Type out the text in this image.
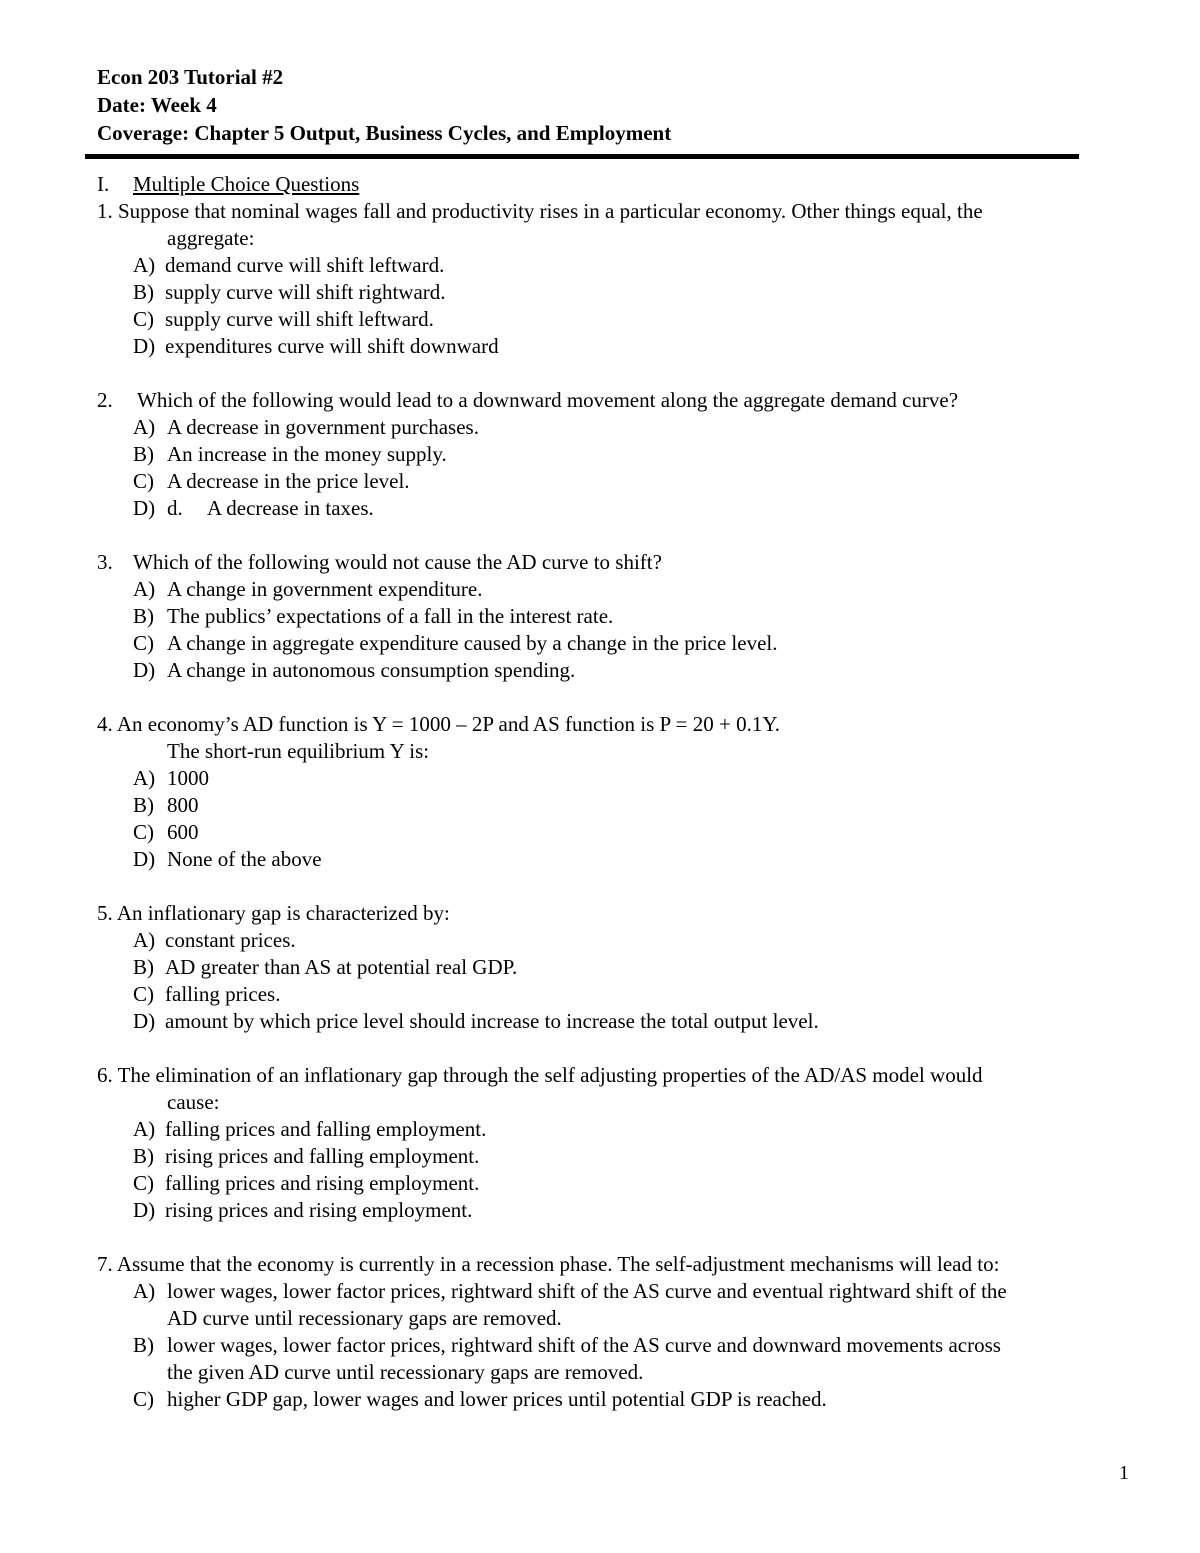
Econ 203 Tutorial #2
Date: Week 4
Coverage: Chapter 5 Output, Business Cycles, and Employment
I. Multiple Choice Questions
1. Suppose that nominal wages fall and productivity rises in a particular economy. Other things equal, the
aggregate:
A) demand curve will shift leftward.
B) supply curve will shift rightward.
C) supply curve will shift leftward.
D) expenditures curve will shift downward
2. Which of the following would lead to a downward movement along the aggregate demand curve?
A) A decrease in government purchases.
B) An increase in the money supply.
C) A decrease in the price level.
D) d. A decrease in taxes.
3. Which of the following would not cause the AD curve to shift?
A) A change in government expenditure.
B) The publics’ expectations of a fall in the interest rate.
C) A change in aggregate expenditure caused by a change in the price level.
D) A change in autonomous consumption spending.
4. An economy’s AD function is Y = 1000 – 2P and AS function is P = 20 + 0.1Y.
The short-run equilibrium Y is:
A) 1000
B) 800
C) 600
D) None of the above
5. An inflationary gap is characterized by:
A) constant prices.
B) AD greater than AS at potential real GDP.
C) falling prices.
D) amount by which price level should increase to increase the total output level.
6. The elimination of an inflationary gap through the self adjusting properties of the AD/AS model would
cause:
A) falling prices and falling employment.
B) rising prices and falling employment.
C) falling prices and rising employment.
D) rising prices and rising employment.
7. Assume that the economy is currently in a recession phase. The self-adjustment mechanisms will lead to:
A) lower wages, lower factor prices, rightward shift of the AS curve and eventual rightward shift of the
AD curve until recessionary gaps are removed.
B) lower wages, lower factor prices, rightward shift of the AS curve and downward movements across
the given AD curve until recessionary gaps are removed.
C) higher GDP gap, lower wages and lower prices until potential GDP is reached.
1
